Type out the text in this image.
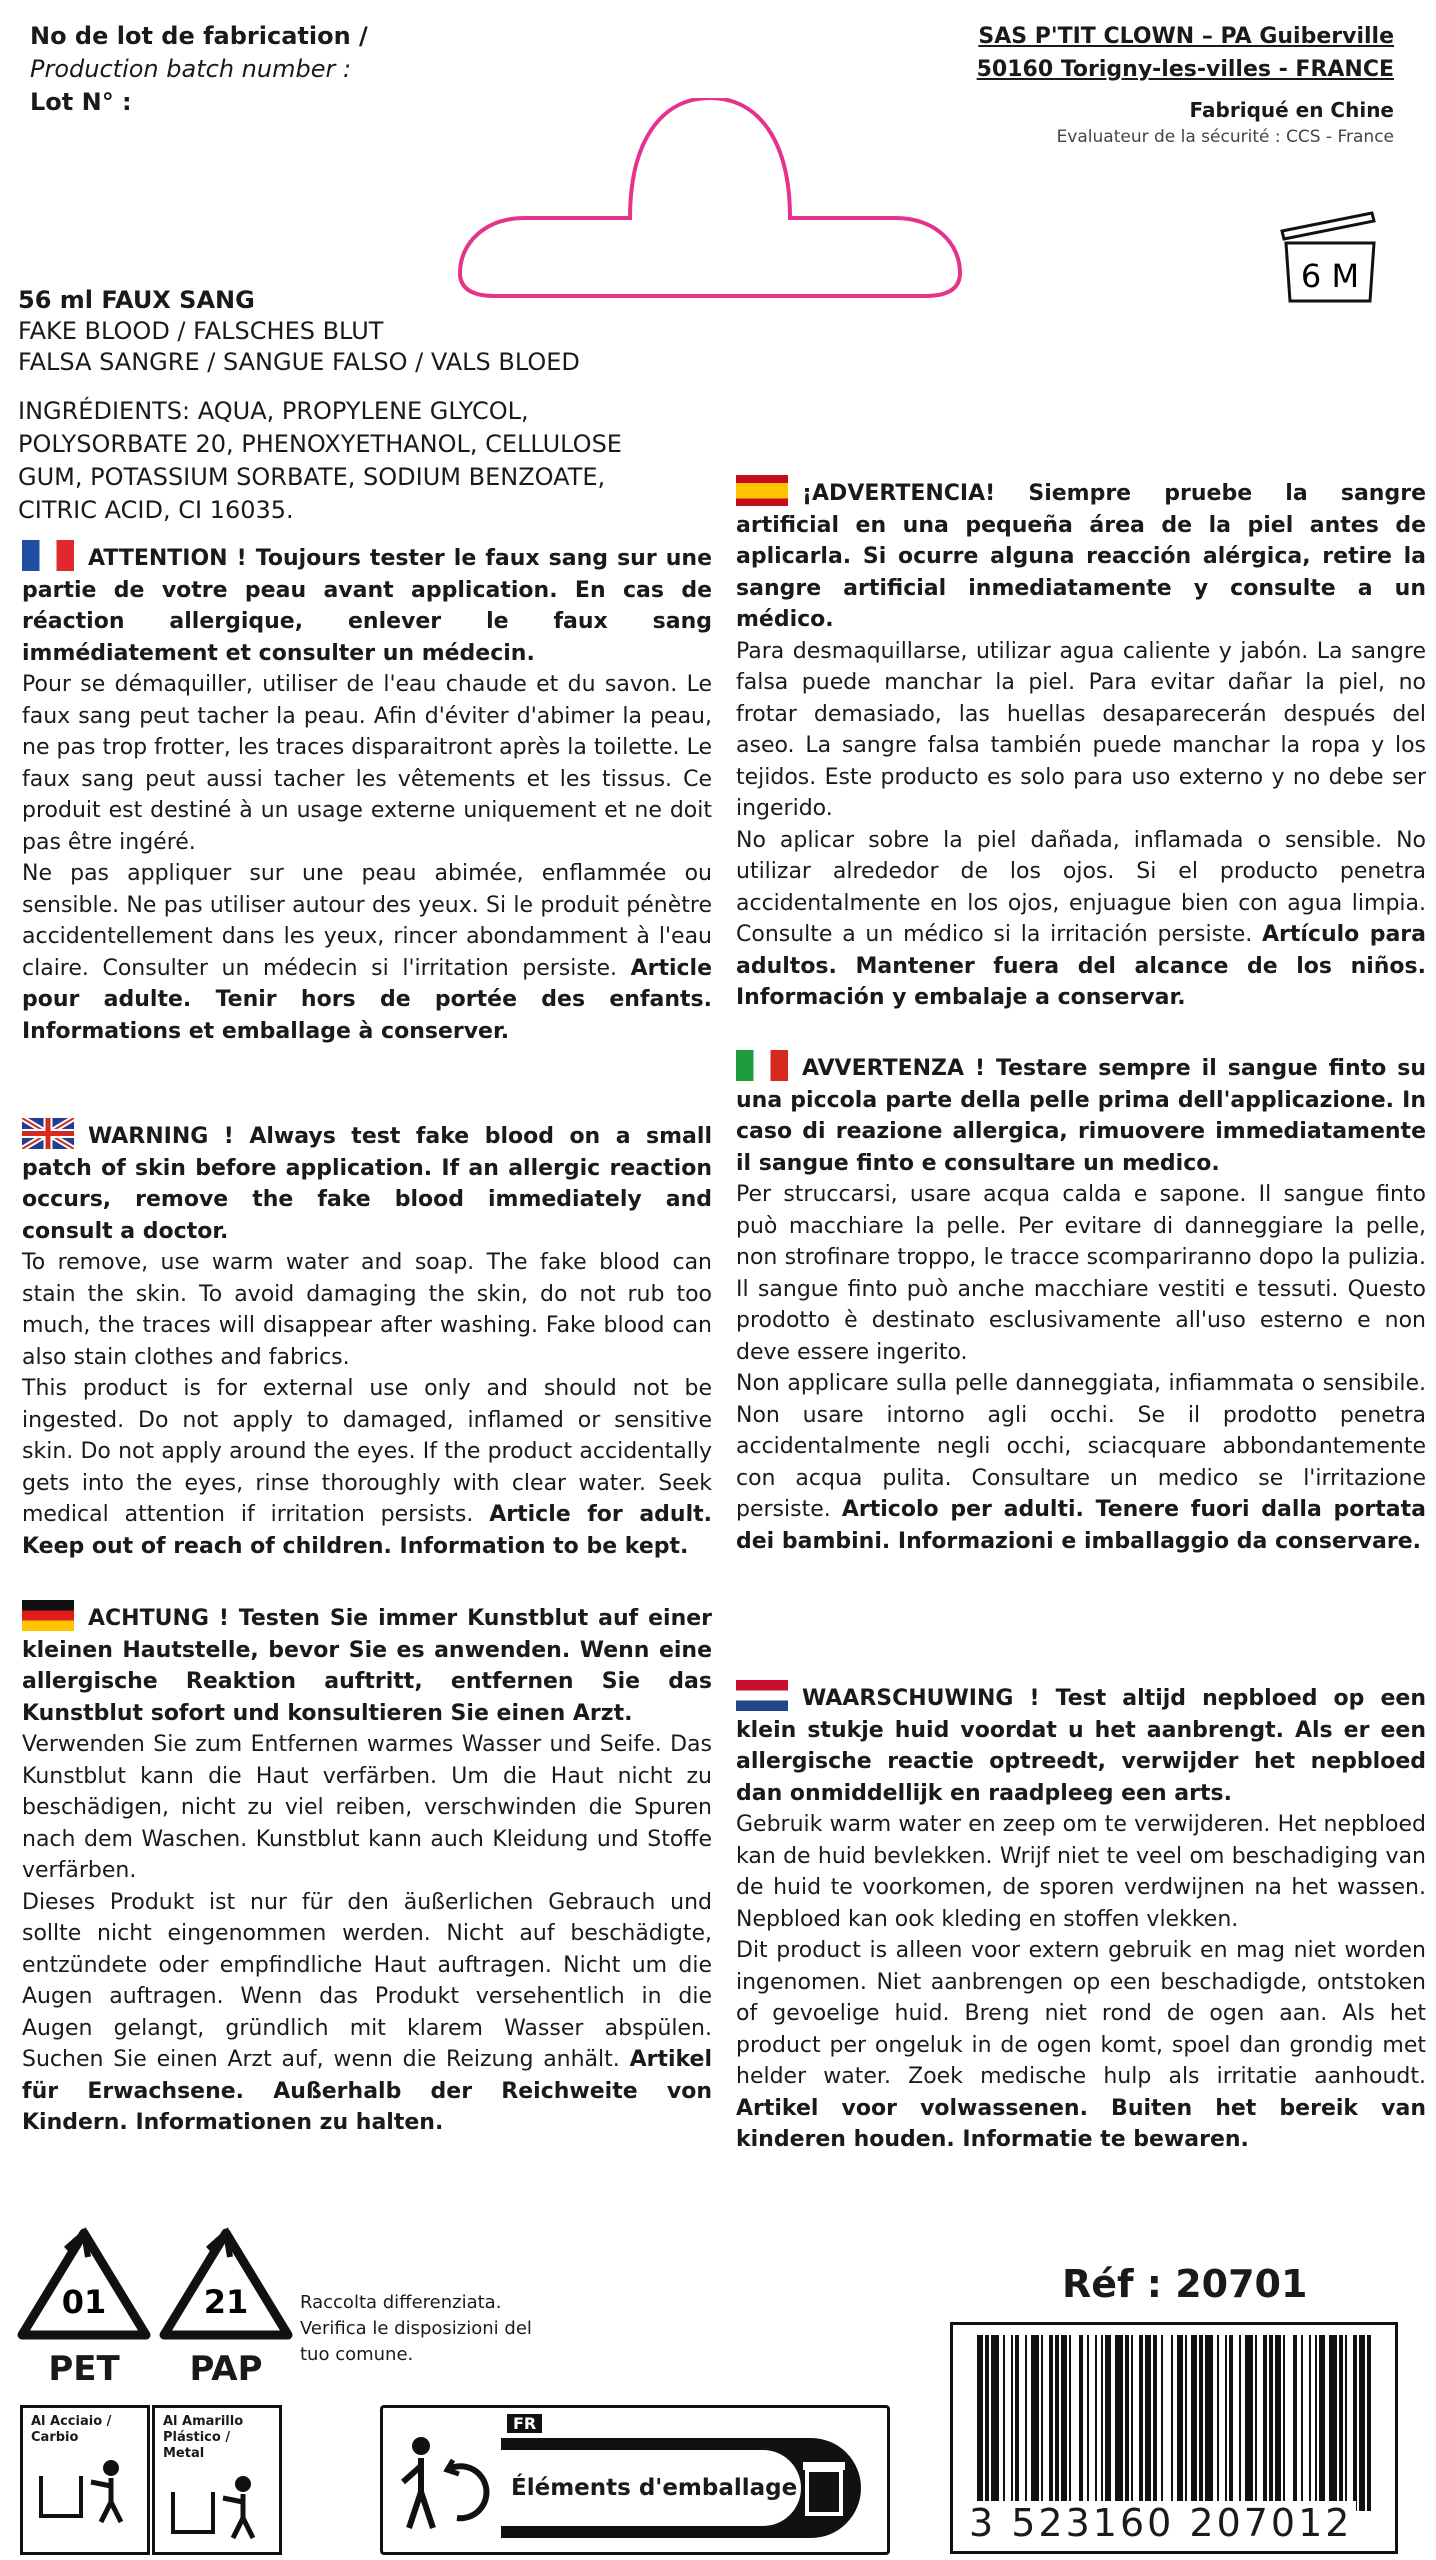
No de lot de fabrication /
Production batch number :
Lot N° :
SAS P'TIT CLOWN – PA Guiberville
50160 Torigny-les-villes - FRANCE
Fabriqué en Chine
Evaluateur de la sécurité : CCS - France
6 M
56 ml FAUX SANG
FAKE BLOOD / FALSCHES BLUT
FALSA SANGRE / SANGUE FALSO / VALS BLOED
INGRÉDIENTS: AQUA, PROPYLENE GLYCOL, POLYSORBATE 20, PHENOXYETHANOL, CELLULOSE GUM, POTASSIUM SORBATE, SODIUM BENZOATE, CITRIC ACID, CI 16035.

ATTENTION ! Toujours tester le faux sang sur une partie de votre peau avant application. En cas de réaction allergique, enlever le faux sang immédiatement et consulter un médecin.

Pour se démaquiller, utiliser de l'eau chaude et du savon. Le faux sang peut tacher la peau. Afin d'éviter d'abimer la peau, ne pas trop frotter, les traces disparaitront après la toilette. Le faux sang peut aussi tacher les vêtements et les tissus. Ce produit est destiné à un usage externe uniquement et ne doit pas être ingéré.

Ne pas appliquer sur une peau abimée, enflammée ou sensible. Ne pas utiliser autour des yeux. Si le produit pénètre accidentellement dans les yeux, rincer abondamment à l'eau claire. Consulter un médecin si l'irritation persiste. Article pour adulte. Tenir hors de portée des enfants. Informations et emballage à conserver.

WARNING ! Always test fake blood on a small patch of skin before application. If an allergic reaction occurs, remove the fake blood immediately and consult a doctor.

To remove, use warm water and soap. The fake blood can stain the skin. To avoid damaging the skin, do not rub too much, the traces will disappear after washing. Fake blood can also stain clothes and fabrics.

This product is for external use only and should not be ingested. Do not apply to damaged, inflamed or sensitive skin. Do not apply around the eyes. If the product accidentally gets into the eyes, rinse thoroughly with clear water. Seek medical attention if irritation persists. Article for adult. Keep out of reach of children. Information to be kept.

ACHTUNG ! Testen Sie immer Kunstblut auf einer kleinen Hautstelle, bevor Sie es anwenden. Wenn eine allergische Reaktion auftritt, entfernen Sie das Kunstblut sofort und konsultieren Sie einen Arzt.

Verwenden Sie zum Entfernen warmes Wasser und Seife. Das Kunstblut kann die Haut verfärben. Um die Haut nicht zu beschädigen, nicht zu viel reiben, verschwinden die Spuren nach dem Waschen. Kunstblut kann auch Kleidung und Stoffe verfärben.

Dieses Produkt ist nur für den äußerlichen Gebrauch und sollte nicht eingenommen werden. Nicht auf beschädigte, entzündete oder empfindliche Haut auftragen. Nicht um die Augen auftragen. Wenn das Produkt versehentlich in die Augen gelangt, gründlich mit klarem Wasser abspülen. Suchen Sie einen Arzt auf, wenn die Reizung anhält. Artikel für Erwachsene. Außerhalb der Reichweite von Kindern. Informationen zu halten.

¡ADVERTENCIA! Siempre pruebe la sangre artificial en una pequeña área de la piel antes de aplicarla. Si ocurre alguna reacción alérgica, retire la sangre artificial inmediatamente y consulte a un médico.

Para desmaquillarse, utilizar agua caliente y jabón. La sangre falsa puede manchar la piel. Para evitar dañar la piel, no frotar demasiado, las huellas desaparecerán después del aseo. La sangre falsa también puede manchar la ropa y los tejidos. Este producto es solo para uso externo y no debe ser ingerido.

No aplicar sobre la piel dañada, inflamada o sensible. No utilizar alrededor de los ojos. Si el producto penetra accidentalmente en los ojos, enjuague bien con agua limpia. Consulte a un médico si la irritación persiste. Artículo para adultos. Mantener fuera del alcance de los niños. Información y embalaje a conservar.

AVVERTENZA ! Testare sempre il sangue finto su una piccola parte della pelle prima dell'applicazione. In caso di reazione allergica, rimuovere immediatamente il sangue finto e consultare un medico.

Per struccarsi, usare acqua calda e sapone. Il sangue finto può macchiare la pelle. Per evitare di danneggiare la pelle, non strofinare troppo, le tracce scompariranno dopo la pulizia. Il sangue finto può anche macchiare vestiti e tessuti. Questo prodotto è destinato esclusivamente all'uso esterno e non deve essere ingerito.

Non applicare sulla pelle danneggiata, infiammata o sensibile. Non usare intorno agli occhi. Se il prodotto penetra accidentalmente negli occhi, sciacquare abbondantemente con acqua pulita. Consultare un medico se l'irritazione persiste. Articolo per adulti. Tenere fuori dalla portata dei bambini. Informazioni e imballaggio da conservare.

WAARSCHUWING ! Test altijd nepbloed op een klein stukje huid voordat u het aanbrengt. Als er een allergische reactie optreedt, verwijder het nepbloed dan onmiddellijk en raadpleeg een arts.

Gebruik warm water en zeep om te verwijderen. Het nepbloed kan de huid bevlekken. Wrijf niet te veel om beschadiging van de huid te voorkomen, de sporen verdwijnen na het wassen. Nepbloed kan ook kleding en stoffen vlekken.

Dit product is alleen voor extern gebruik en mag niet worden ingenomen. Niet aanbrengen op een beschadigde, ontstoken of gevoelige huid. Breng niet rond de ogen aan. Als het product per ongeluk in de ogen komt, spoel dan grondig met helder water. Zoek medische hulp als irritatie aanhoudt. Artikel voor volwassenen. Buiten het bereik van kinderen houden. Informatie te bewaren.

01
PET
21
PAP
Raccolta differenziata. Verifica le disposizioni del tuo comune.
Al Acciaio / Carbio
Al Amarillo Plástico / Metal
Éléments d'emballage
FR
Réf : 20701
3 523160 207012
